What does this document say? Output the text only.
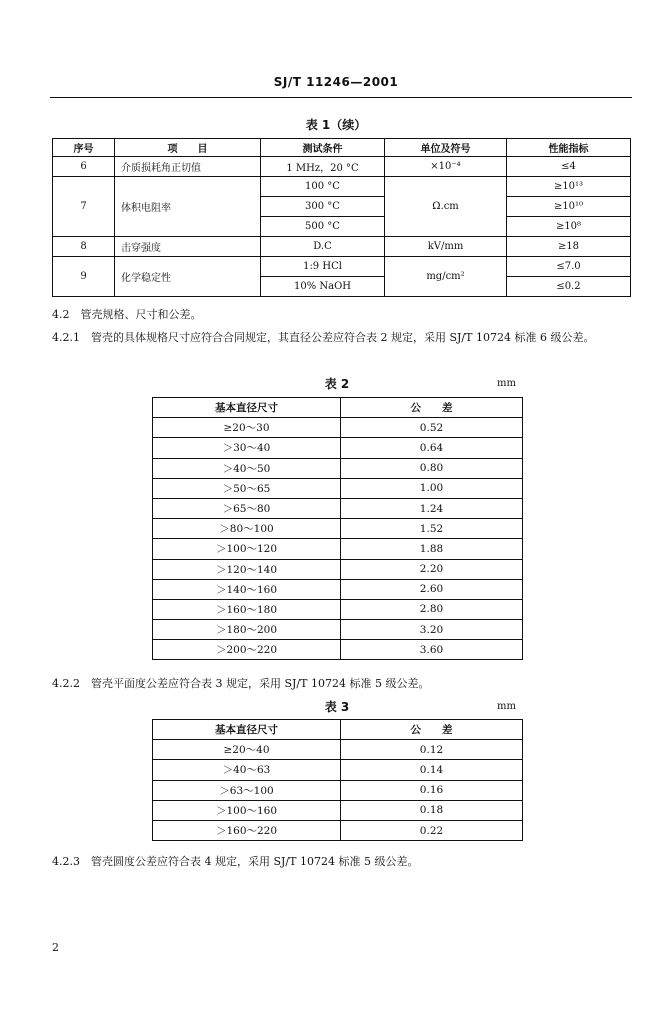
SJ/T 11246—2001
表 1（续）
序号	项　　目	测试条件	单位及符号	性能指标
6	介质损耗角正切值	1 MHz，20 °C	×10⁻⁴	≤4
7	体积电阻率	100 °C	Ω.cm	≥10¹³
		300 °C		≥10¹⁰
		500 °C		≥10⁸
8	击穿强度	D.C	kV/mm	≥18
9	化学稳定性	1:9 HCl	mg/cm²	≤7.0
		10% NaOH		≤0.2
4.2　管壳规格、尺寸和公差。
4.2.1　管壳的具体规格尺寸应符合合同规定，其直径公差应符合表 2 规定，采用 SJ/T 10724 标准 6 级公差。
表 2	mm
基本直径尺寸	公　　差
≥20～30	0.52
＞30～40	0.64
＞40～50	0.80
＞50～65	1.00
＞65～80	1.24
＞80～100	1.52
＞100～120	1.88
＞120～140	2.20
＞140～160	2.60
＞160～180	2.80
＞180～200	3.20
＞200～220	3.60
4.2.2　管壳平面度公差应符合表 3 规定，采用 SJ/T 10724 标准 5 级公差。
表 3	mm
基本直径尺寸	公　　差
≥20～40	0.12
＞40～63	0.14
＞63～100	0.16
＞100～160	0.18
＞160～220	0.22
4.2.3　管壳圆度公差应符合表 4 规定，采用 SJ/T 10724 标准 5 级公差。
2
